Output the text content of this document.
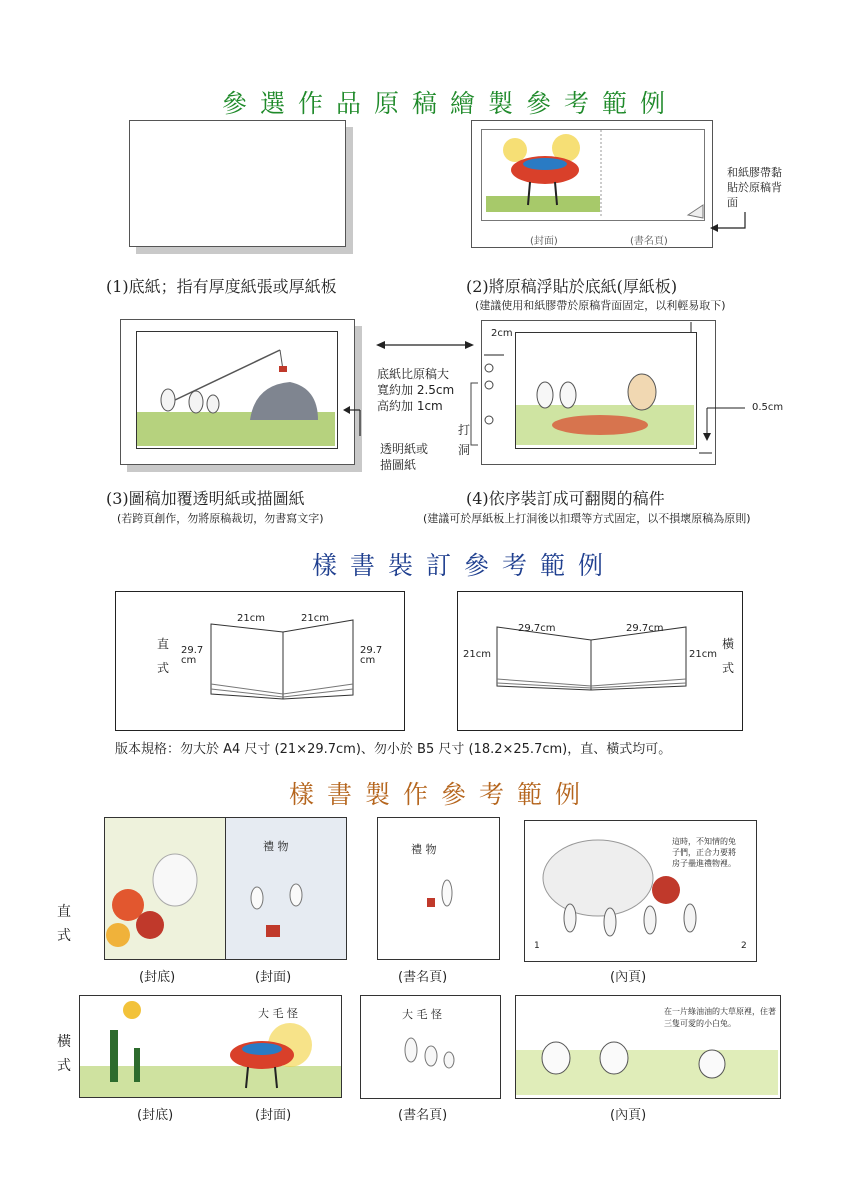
參選作品原稿繪製參考範例
(1)底紙；指有厚度紙張或厚紙板
(封面)	(書名頁)
和紙膠帶黏貼於原稿背面
(2)將原稿浮貼於底紙(厚紙板)
(建議使用和紙膠帶於原稿背面固定，以利輕易取下)
底紙比原稿大
寬約加 2.5cm
高約加 1cm
透明紙或
描圖紙
(3)圖稿加覆透明紙或描圖紙
(若跨頁創作，勿將原稿裁切，勿書寫文字)
2cm
0.5cm
打洞
(4)依序裝訂成可翻閱的稿件
(建議可於厚紙板上打洞後以扣環等方式固定，以不損壞原稿為原則)
樣書裝訂參考範例
21cm	21cm
29.7
cm
29.7
cm
直式
29.7cm	29.7cm
21cm	21cm
橫式
版本規格：勿大於 A4 尺寸 (21×29.7cm)、勿小於 B5 尺寸 (18.2×25.7cm)，直、橫式均可。
樣書製作參考範例
直式
橫式
禮 物
(封底)	(封面)
禮 物
(書名頁)
這時，不知情的兔子們，正合力要將房子壘進禮物裡。
1	2
(內頁)
大 毛 怪
(封底)	(封面)
大 毛 怪
(書名頁)
在一片綠油油的大草原裡，住著三隻可愛的小白兔。
(內頁)
